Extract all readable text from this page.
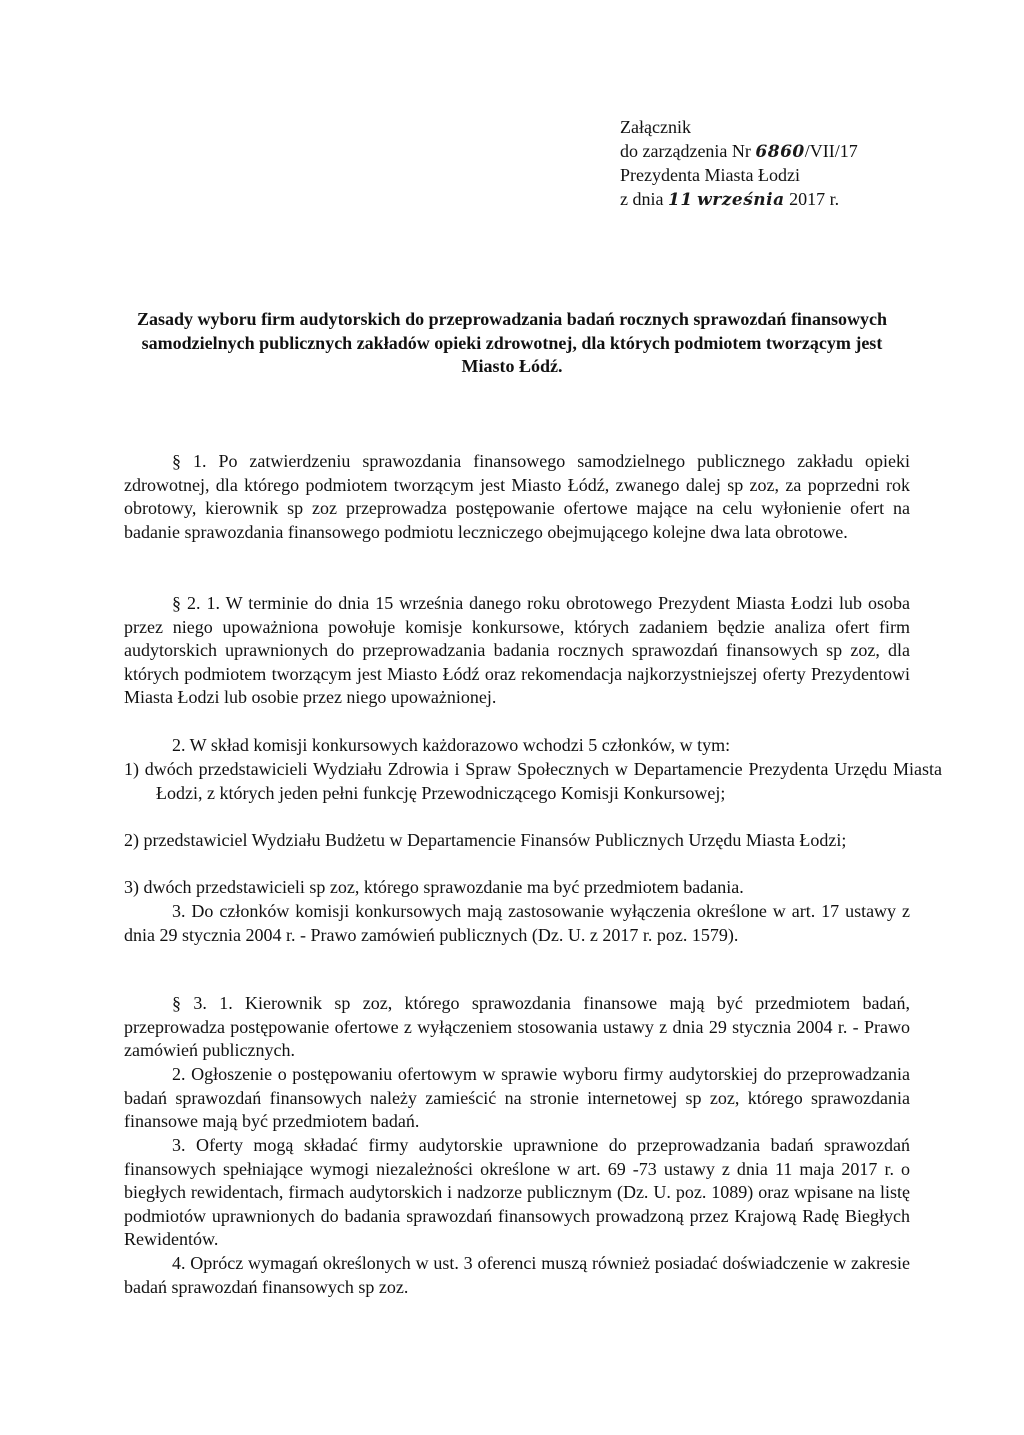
Załącznik
do zarządzenia Nr 6860/VII/17
Prezydenta Miasta Łodzi
z dnia 11 września 2017 r.
Zasady wyboru firm audytorskich do przeprowadzania badań rocznych sprawozdań finansowych samodzielnych publicznych zakładów opieki zdrowotnej, dla których podmiotem tworzącym jest Miasto Łódź.
§ 1. Po zatwierdzeniu sprawozdania finansowego samodzielnego publicznego zakładu opieki zdrowotnej, dla którego podmiotem tworzącym jest Miasto Łódź, zwanego dalej sp zoz, za poprzedni rok obrotowy, kierownik sp zoz przeprowadza postępowanie ofertowe mające na celu wyłonienie ofert na badanie sprawozdania finansowego podmiotu leczniczego obejmującego kolejne dwa lata obrotowe.
§ 2. 1. W terminie do dnia 15 września danego roku obrotowego Prezydent Miasta Łodzi lub osoba przez niego upoważniona powołuje komisje konkursowe, których zadaniem będzie analiza ofert firm audytorskich uprawnionych do przeprowadzania badania rocznych sprawozdań finansowych sp zoz, dla których podmiotem tworzącym jest Miasto Łódź oraz rekomendacja najkorzystniejszej oferty Prezydentowi Miasta Łodzi lub osobie przez niego upoważnionej.
2. W skład komisji konkursowych każdorazowo wchodzi 5 członków, w tym:
1) dwóch przedstawicieli Wydziału Zdrowia i Spraw Społecznych w Departamencie Prezydenta Urzędu Miasta Łodzi, z których jeden pełni funkcję Przewodniczącego Komisji Konkursowej;
2) przedstawiciel Wydziału Budżetu w Departamencie Finansów Publicznych Urzędu Miasta Łodzi;
3) dwóch przedstawicieli sp zoz, którego sprawozdanie ma być przedmiotem badania.
3. Do członków komisji konkursowych mają zastosowanie wyłączenia określone w art. 17 ustawy z dnia 29 stycznia 2004 r. - Prawo zamówień publicznych (Dz. U. z 2017 r. poz. 1579).
§ 3. 1. Kierownik sp zoz, którego sprawozdania finansowe mają być przedmiotem badań, przeprowadza postępowanie ofertowe z wyłączeniem stosowania ustawy z dnia 29 stycznia 2004 r. - Prawo zamówień publicznych.
2. Ogłoszenie o postępowaniu ofertowym w sprawie wyboru firmy audytorskiej do przeprowadzania badań sprawozdań finansowych należy zamieścić na stronie internetowej sp zoz, którego sprawozdania finansowe mają być przedmiotem badań.
3. Oferty mogą składać firmy audytorskie uprawnione do przeprowadzania badań sprawozdań finansowych spełniające wymogi niezależności określone w art. 69 -73 ustawy z dnia 11 maja 2017 r. o biegłych rewidentach, firmach audytorskich i nadzorze publicznym (Dz. U. poz. 1089) oraz wpisane na listę podmiotów uprawnionych do badania sprawozdań finansowych prowadzoną przez Krajową Radę Biegłych Rewidentów.
4. Oprócz wymagań określonych w ust. 3 oferenci muszą również posiadać doświadczenie w zakresie badań sprawozdań finansowych sp zoz.
